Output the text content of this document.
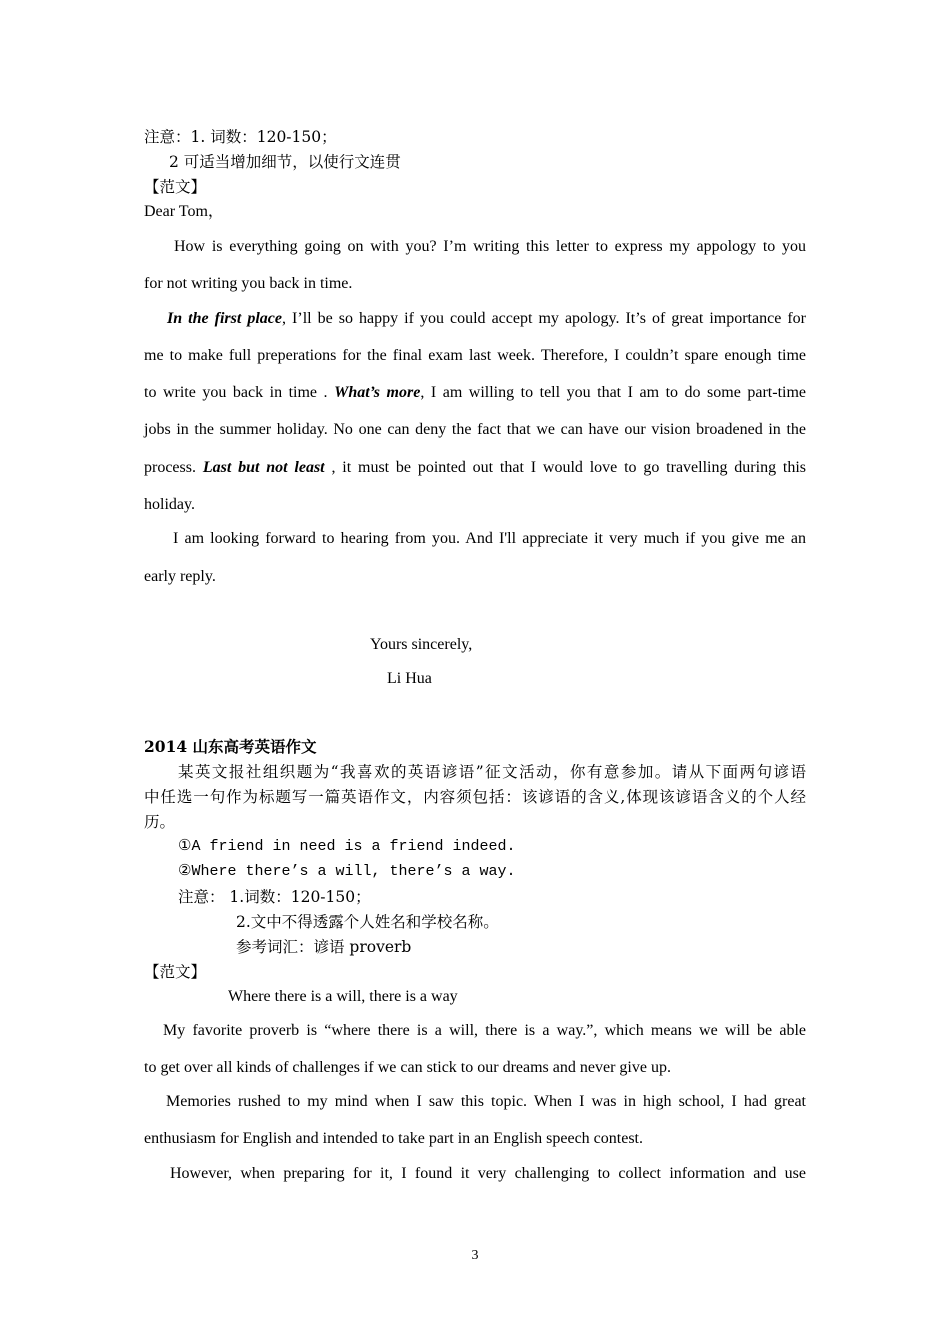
注意：1. 词数：120-150；
2 可适当增加细节，以使行文连贯
【范文】
Dear Tom，
How is everything going on with you? I’m writing this letter to express my appology to you
for not writing you back in time.
In the first place, I’ll be so happy if you could accept my apology. It’s of great importance for
me to make full preperations for the final exam last week. Therefore, I couldn’t spare enough time
to write you back in time . What’s more, I am willing to tell you that I am to do some part-time
jobs in the summer holiday. No one can deny the fact that we can have our vision broadened in the
process. Last but not least , it must be pointed out that I would love to go travelling during this
holiday.
I am looking forward to hearing from you. And I'll appreciate it very much if you give me an
early reply.
Yours sincerely,
Li Hua
2014 山东高考英语作文
某英文报社组织题为“我喜欢的英语谚语”征文活动，你有意参加。请从下面两句谚语
中任选一句作为标题写一篇英语作文，内容须包括：该谚语的含义,体现该谚语含义的个人经
历。
①A friend in need is a friend indeed.
②Where there’s a will, there’s a way.
注意： 1.词数：120-150；
2.文中不得透露个人姓名和学校名称。
参考词汇：谚语 proverb
【范文】
Where there is a will, there is a way
My favorite proverb is “where there is a will, there is a way.”, which means we will be able
to get over all kinds of challenges if we can stick to our dreams and never give up.
Memories rushed to my mind when I saw this topic. When I was in high school, I had great
enthusiasm for English and intended to take part in an English speech contest.
However, when preparing for it, I found it very challenging to collect information and use
3
